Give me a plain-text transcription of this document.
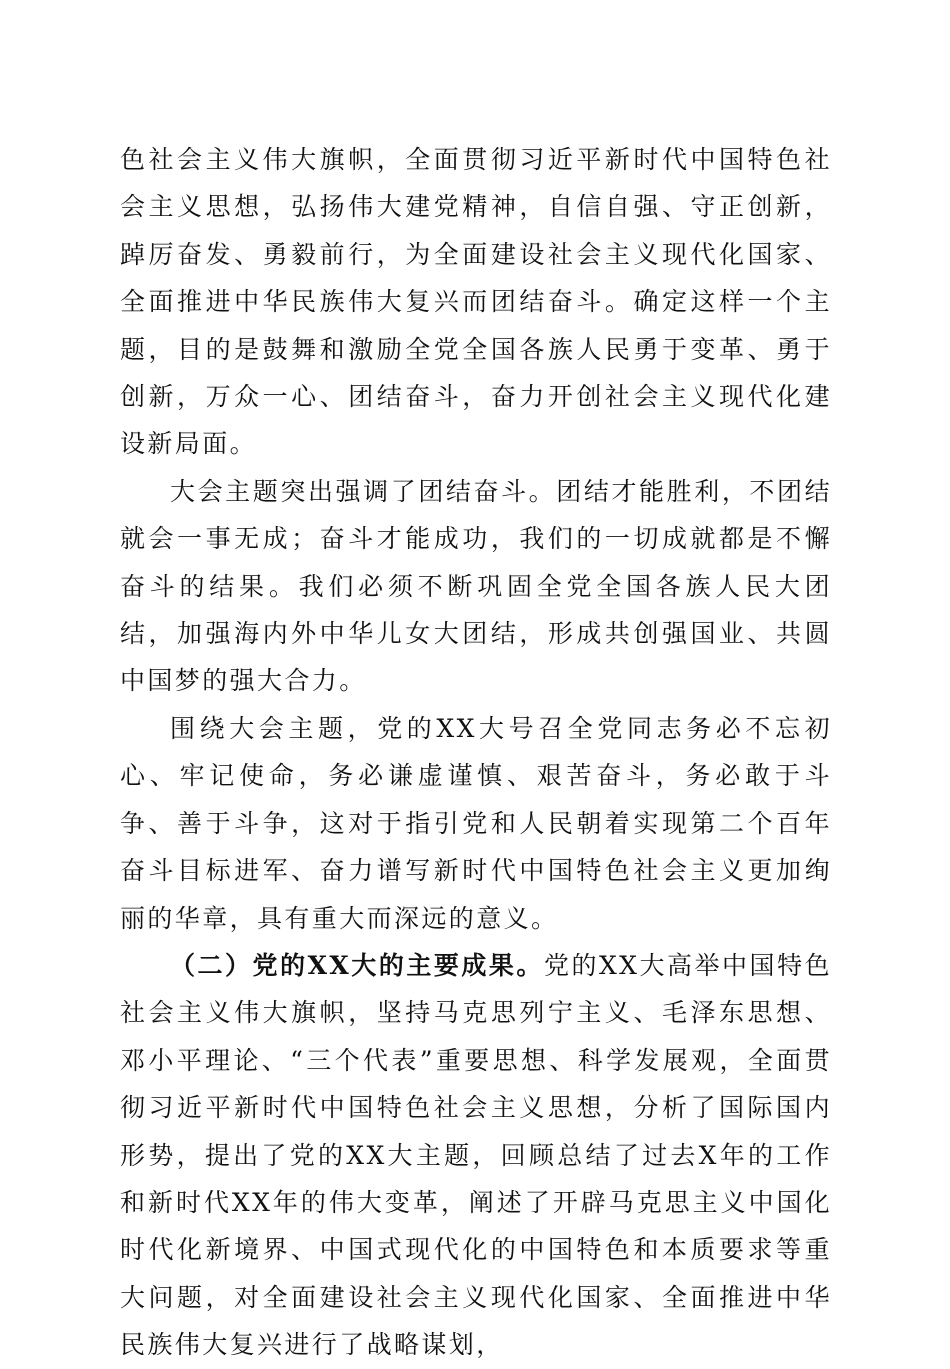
色社会主义伟大旗帜，全面贯彻习近平新时代中国特色社会主义思想，弘扬伟大建党精神，自信自强、守正创新，踔厉奋发、勇毅前行，为全面建设社会主义现代化国家、全面推进中华民族伟大复兴而团结奋斗。确定这样一个主题，目的是鼓舞和激励全党全国各族人民勇于变革、勇于创新，万众一心、团结奋斗，奋力开创社会主义现代化建设新局面。

大会主题突出强调了团结奋斗。团结才能胜利，不团结就会一事无成；奋斗才能成功，我们的一切成就都是不懈奋斗的结果。我们必须不断巩固全党全国各族人民大团结，加强海内外中华儿女大团结，形成共创强国业、共圆中国梦的强大合力。

围绕大会主题，党的XX大号召全党同志务必不忘初心、牢记使命，务必谦虚谨慎、艰苦奋斗，务必敢于斗争、善于斗争，这对于指引党和人民朝着实现第二个百年奋斗目标进军、奋力谱写新时代中国特色社会主义更加绚丽的华章，具有重大而深远的意义。

（二）党的XX大的主要成果。党的XX大高举中国特色社会主义伟大旗帜，坚持马克思列宁主义、毛泽东思想、邓小平理论、“三个代表”重要思想、科学发展观，全面贯彻习近平新时代中国特色社会主义思想，分析了国际国内形势，提出了党的XX大主题，回顾总结了过去X年的工作和新时代XX年的伟大变革，阐述了开辟马克思主义中国化时代化新境界、中国式现代化的中国特色和本质要求等重大问题，对全面建设社会主义现代化国家、全面推进中华民族伟大复兴进行了战略谋划，
